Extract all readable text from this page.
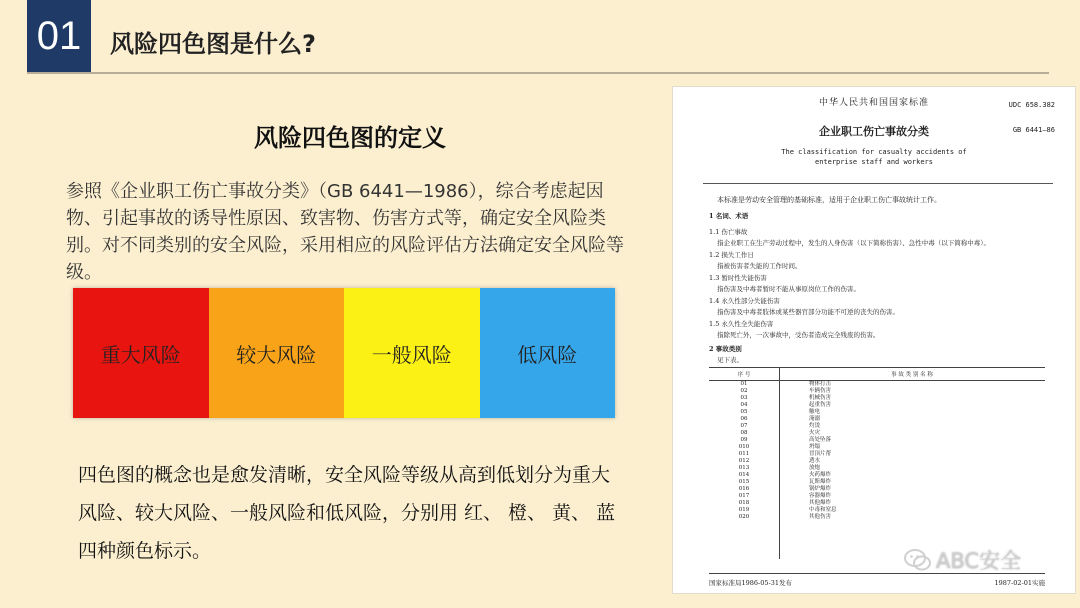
01 风险四色图是什么?
风险四色图的定义
参照《企业职工伤亡事故分类》（GB 6441—1986），综合考虑起因物、引起事故的诱导性原因、致害物、伤害方式等，确定安全风险类别。对不同类别的安全风险，采用相应的风险评估方法确定安全风险等级。
重大风险	较大风险	一般风险	低风险
四色图的概念也是愈发清晰，安全风险等级从高到低划分为重大风险、较大风险、一般风险和低风险，分别用 红、 橙、 黄、 蓝四种颜色标示。
中华人民共和国国家标准	UDC 658.382
企业职工伤亡事故分类	GB 6441—86
The classification for casualty accidents of
enterprise staff and workers
本标准是劳动安全管理的基础标准，适用于企业职工伤亡事故统计工作。
1 名词、术语
1.1 伤亡事故
指企业职工在生产劳动过程中，发生的人身伤害（以下简称伤害）、急性中毒（以下简称中毒）。
1.2 损失工作日
指被伤害者失能的工作时间。
1.3 暂时性失能伤害
指伤害及中毒者暂时不能从事原岗位工作的伤害。
1.4 永久性部分失能伤害
指伤害及中毒者肢体或某些器官部分功能不可逆的丧失的伤害。
1.5 永久性全失能伤害
指除死亡外，一次事故中，受伤者造成完全残废的伤害。
2 事故类别
见下表。
序 号	事 故 类 别 名 称
01	物体打击
02	车辆伤害
03	机械伤害
04	起重伤害
05	触电
06	淹溺
07	灼烫
08	火灾
09	高处坠落
010	坍塌
011	冒顶片帮
012	透水
013	放炮
014	火药爆炸
015	瓦斯爆炸
016	锅炉爆炸
017	容器爆炸
018	其他爆炸
019	中毒和窒息
020	其他伤害
国家标准局1986-05-31发布	1987-02-01实施
ABC安全
